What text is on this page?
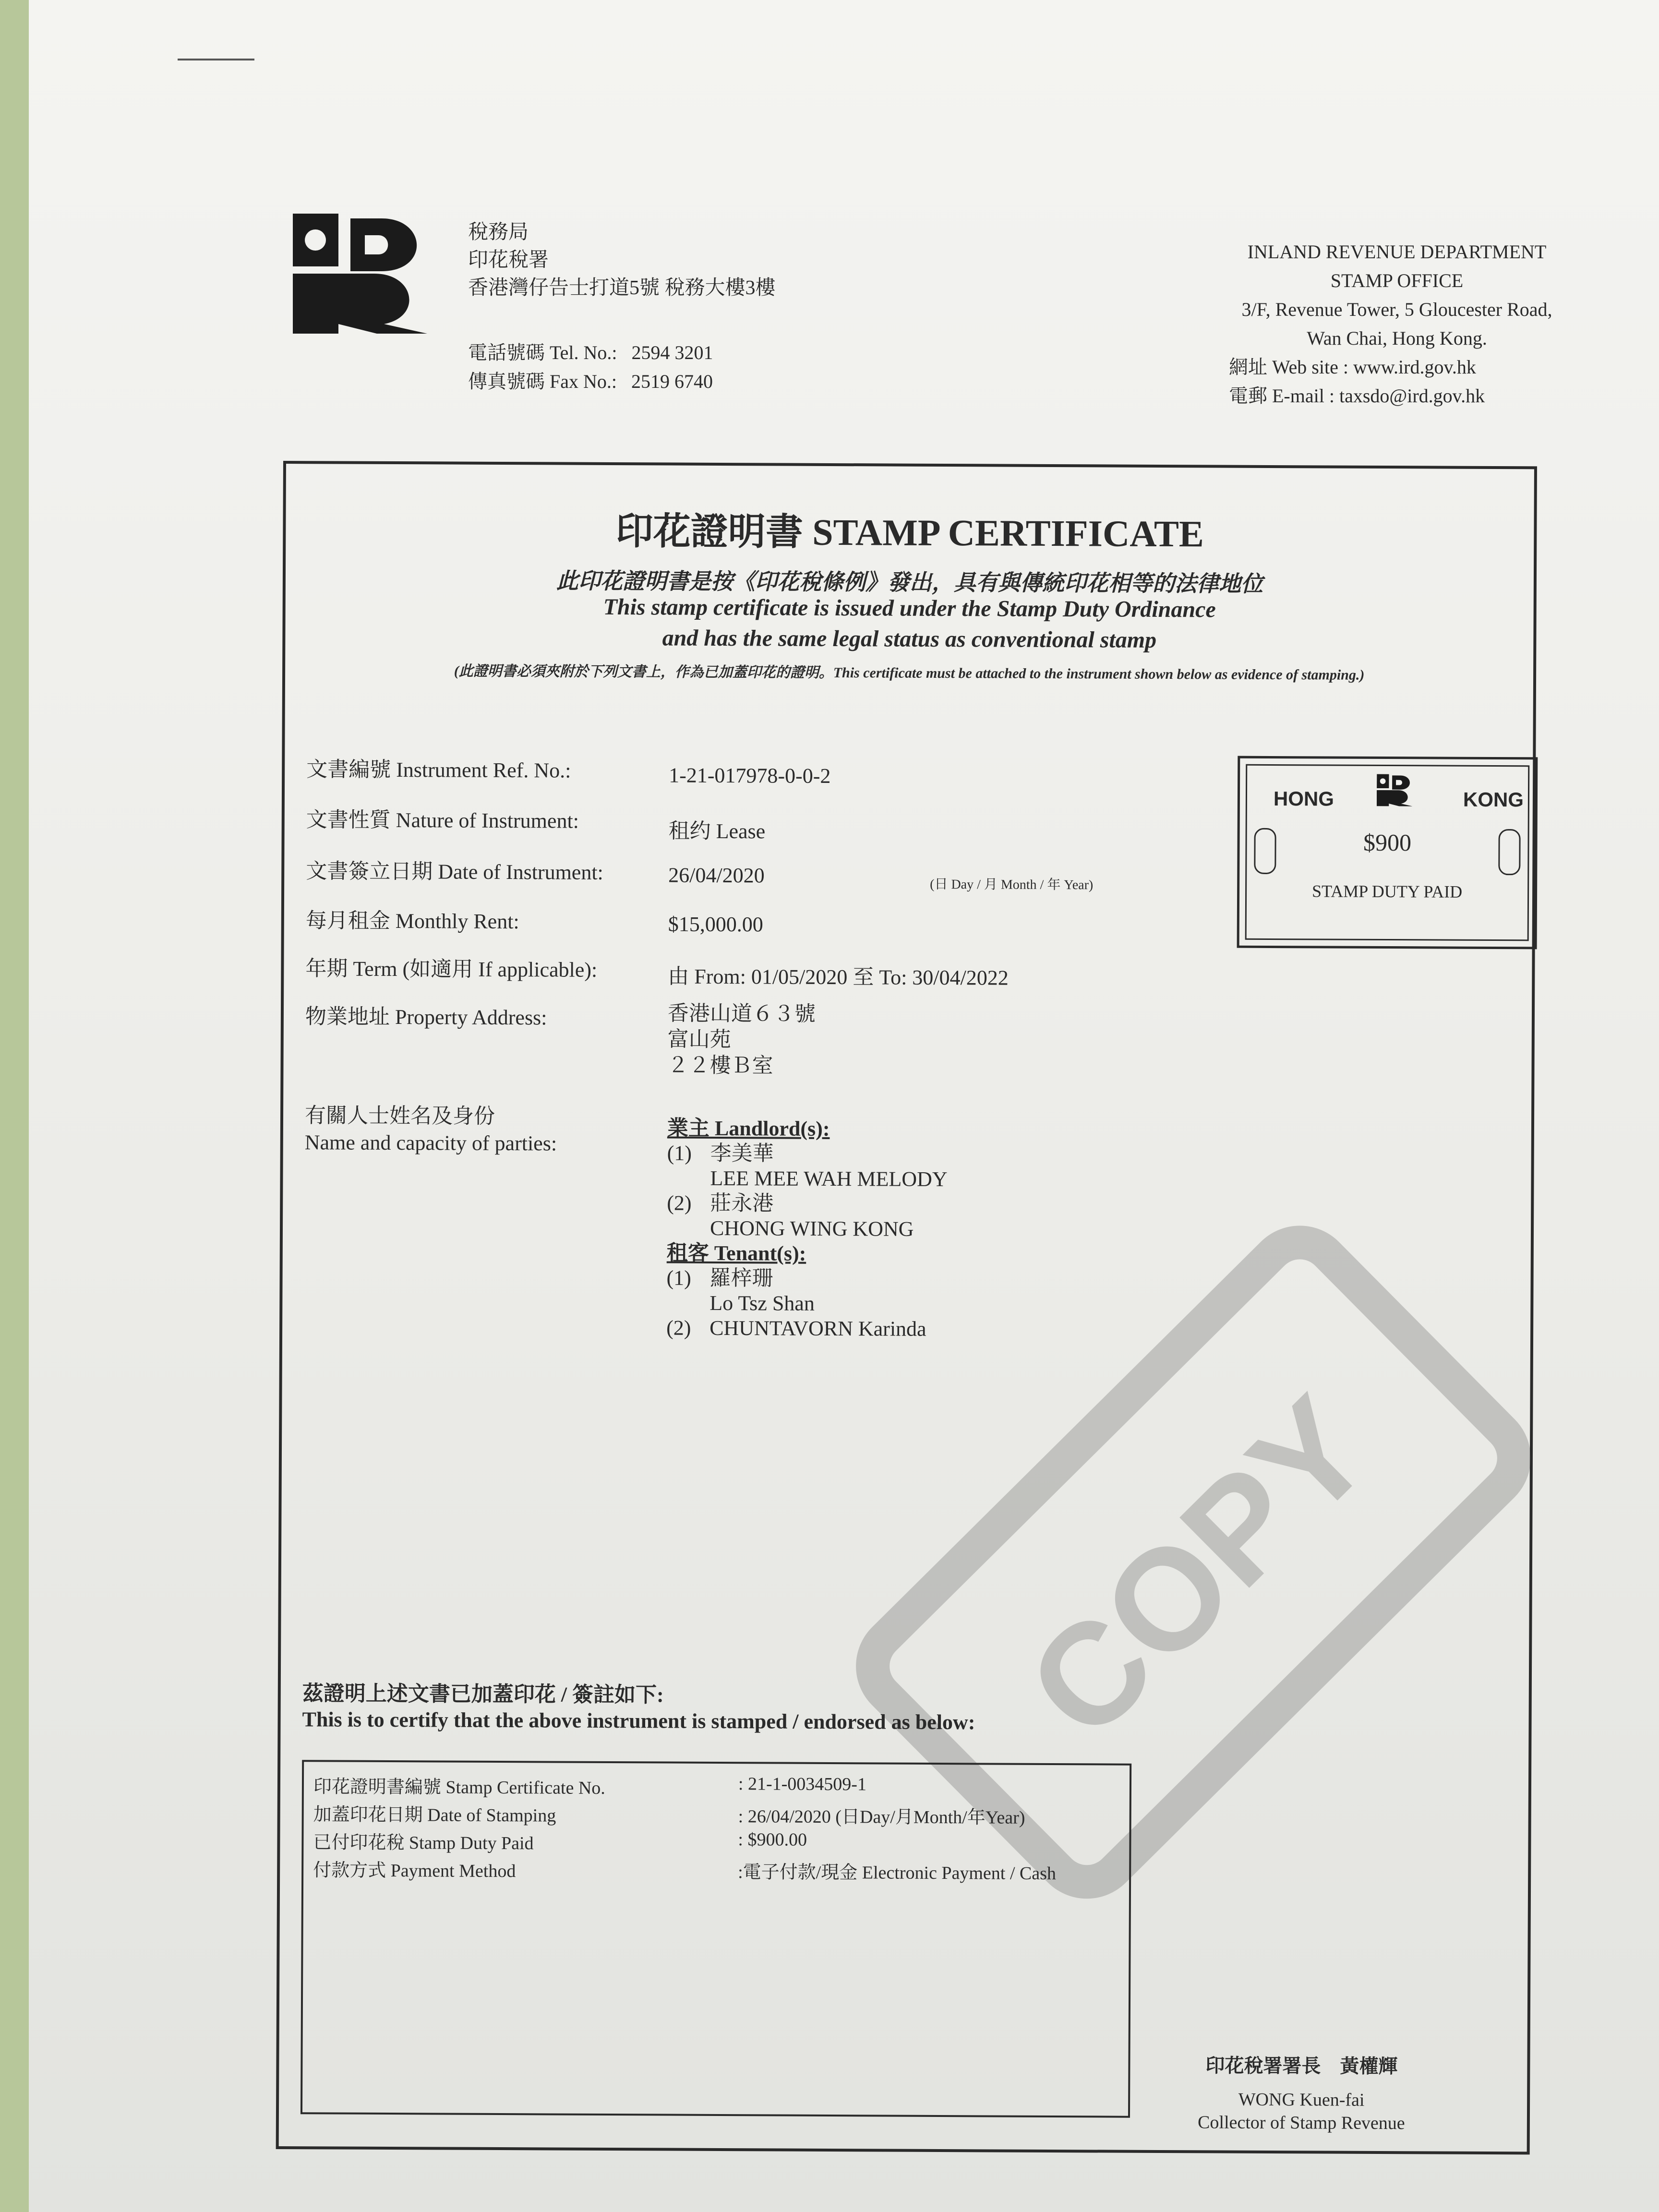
稅務局
印花稅署
香港灣仔告士打道5號 稅務大樓3樓
電話號碼 Tel. No.: 2594 3201
傳真號碼 Fax No.: 2519 6740
INLAND REVENUE DEPARTMENT
STAMP OFFICE
3/F, Revenue Tower, 5 Gloucester Road,
Wan Chai, Hong Kong.
網址 Web site : www.ird.gov.hk
電郵 E-mail : taxsdo@ird.gov.hk
印花證明書 STAMP CERTIFICATE
此印花證明書是按《印花稅條例》發出，具有與傳統印花相等的法律地位
This stamp certificate is issued under the Stamp Duty Ordinance
and has the same legal status as conventional stamp
(此證明書必須夾附於下列文書上，作為已加蓋印花的證明。This certificate must be attached to the instrument shown below as evidence of stamping.)
文書編號 Instrument Ref. No.:	1-21-017978-0-0-2
文書性質 Nature of Instrument:	租约 Lease
文書簽立日期 Date of Instrument:	26/04/2020	(日 Day / 月 Month / 年 Year)
每月租金 Monthly Rent:	$15,000.00
年期 Term (如適用 If applicable):	由 From: 01/05/2020 至 To: 30/04/2022
物業地址 Property Address:	香港山道６３號
富山苑
２２樓Ｂ室
HONG	KONG
$900
STAMP DUTY PAID
有關人士姓名及身份
Name and capacity of parties:
業主 Landlord(s):
(1) 李美華
LEE MEE WAH MELODY
(2) 莊永港
CHONG WING KONG
租客 Tenant(s):
(1) 羅梓珊
Lo Tsz Shan
(2) CHUNTAVORN Karinda
COPY
茲證明上述文書已加蓋印花 / 簽註如下:
This is to certify that the above instrument is stamped / endorsed as below:
印花證明書編號 Stamp Certificate No.	: 21-1-0034509-1
加蓋印花日期 Date of Stamping	: 26/04/2020 (日Day/月Month/年Year)
已付印花稅 Stamp Duty Paid	: $900.00
付款方式 Payment Method	:電子付款/現金 Electronic Payment / Cash
印花稅署署長　黃權輝
WONG Kuen-fai
Collector of Stamp Revenue
